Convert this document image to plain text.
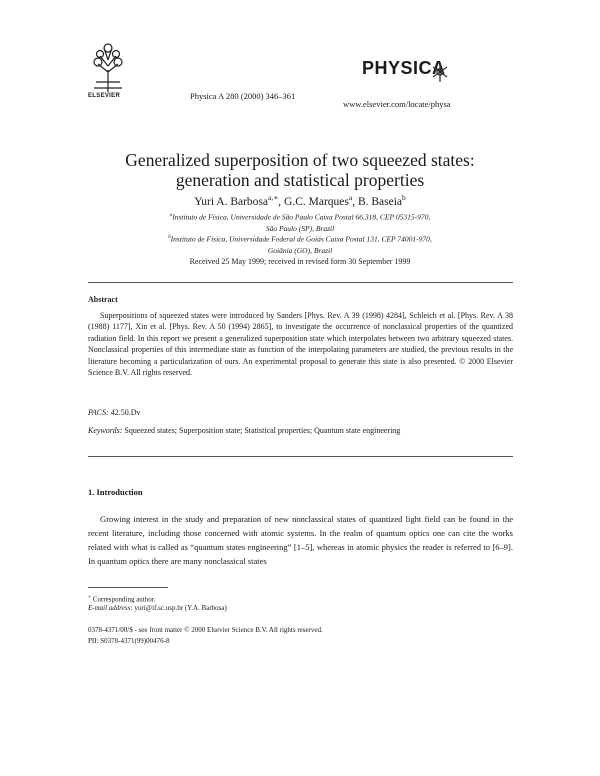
ELSEVIER	Physica A 280 (2000) 346–361
PHYSICA
www.elsevier.com/locate/physa
Generalized superposition of two squeezed states:
generation and statistical properties
Yuri A. Barbosa$^{a,∗}$, G.C. Marques$^a$, B. Baseia$^b$
$^a$Instituto de Física, Universidade de São Paulo Caixa Postal 66.318, CEP 05315-970,
São Paulo (SP), Brazil
$^b$Instituto de Física, Universidade Federal de Goiás Caixa Postal 131, CEP 74001-970,
Goiânia (GO), Brazil
Received 25 May 1999; received in revised form 30 September 1999
Abstract
Superpositions of squeezed states were introduced by Sanders [Phys. Rev. A 39 (1998) 4284], Schleich et al. [Phys. Rev. A 38 (1988) 1177], Xin et al. [Phys. Rev. A 50 (1994) 2865], to investigate the occurrence of nonclassical properties of the quantized radiation field. In this report we present a generalized superposition state which interpolates between two arbitrary squeezed states. Nonclassical properties of this intermediate state as function of the interpolating parameters are studied, the previous results in the literature becoming a particularization of ours. An experimental proposal to generate this state is also presented. © 2000 Elsevier Science B.V. All rights reserved.
PACS: 42.50.Dv
Keywords: Squeezed states; Superposition state; Statistical properties; Quantum state engineering
1. Introduction
Growing interest in the study and preparation of new nonclassical states of quantized light field can be found in the recent literature, including those concerned with atomic systems. In the realm of quantum optics one can cite the works related with what is called as “quantum states engineering” [1–5], whereas in atomic physics the reader is referred to [6–9]. In quantum optics there are many nonclassical states
∗ Corresponding author.
E-mail address: yuri@if.sc.usp.br (Y.A. Barbosa)
0378-4371/00/$ - see front matter © 2000 Elsevier Science B.V. All rights reserved.
PII: S0378-4371(99)00476-8
